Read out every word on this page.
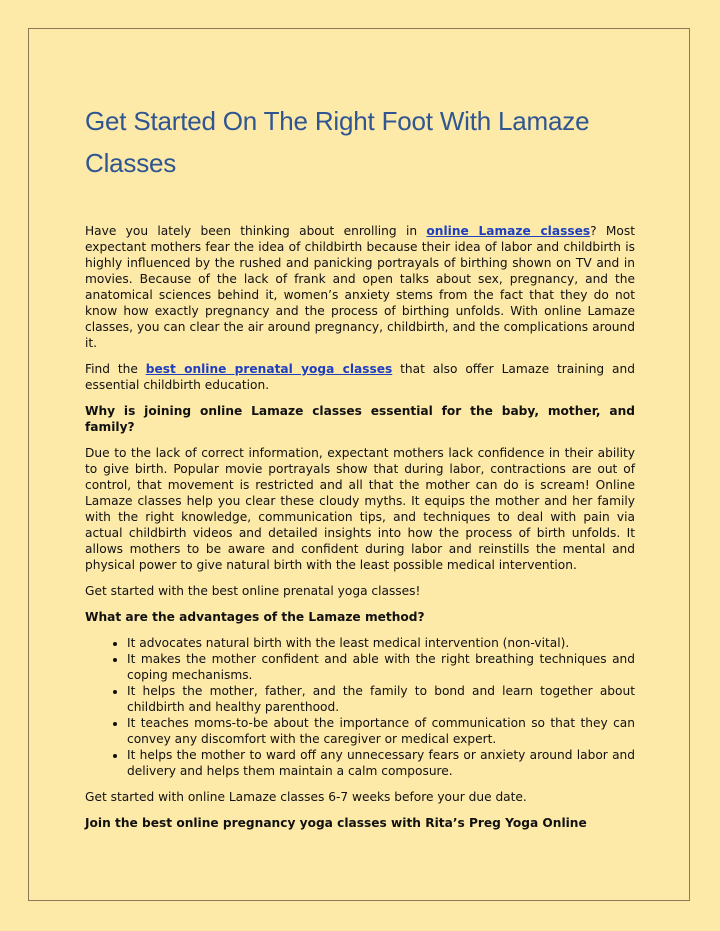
Get Started On The Right Foot With Lamaze Classes

Have you lately been thinking about enrolling in online Lamaze classes? Most expectant mothers fear the idea of childbirth because their idea of labor and childbirth is highly influenced by the rushed and panicking portrayals of birthing shown on TV and in movies. Because of the lack of frank and open talks about sex, pregnancy, and the anatomical sciences behind it, women’s anxiety stems from the fact that they do not know how exactly pregnancy and the process of birthing unfolds. With online Lamaze classes, you can clear the air around pregnancy, childbirth, and the complications around it.

Find the best online prenatal yoga classes that also offer Lamaze training and essential childbirth education.

Why is joining online Lamaze classes essential for the baby, mother, and family?

Due to the lack of correct information, expectant mothers lack confidence in their ability to give birth. Popular movie portrayals show that during labor, contractions are out of control, that movement is restricted and all that the mother can do is scream! Online Lamaze classes help you clear these cloudy myths. It equips the mother and her family with the right knowledge, communication tips, and techniques to deal with pain via actual childbirth videos and detailed insights into how the process of birth unfolds. It allows mothers to be aware and confident during labor and reinstills the mental and physical power to give natural birth with the least possible medical intervention.

Get started with the best online prenatal yoga classes!

What are the advantages of the Lamaze method?

• It advocates natural birth with the least medical intervention (non-vital).
• It makes the mother confident and able with the right breathing techniques and coping mechanisms.
• It helps the mother, father, and the family to bond and learn together about childbirth and healthy parenthood.
• It teaches moms-to-be about the importance of communication so that they can convey any discomfort with the caregiver or medical expert.
• It helps the mother to ward off any unnecessary fears or anxiety around labor and delivery and helps them maintain a calm composure.

Get started with online Lamaze classes 6-7 weeks before your due date.

Join the best online pregnancy yoga classes with Rita’s Preg Yoga Online
